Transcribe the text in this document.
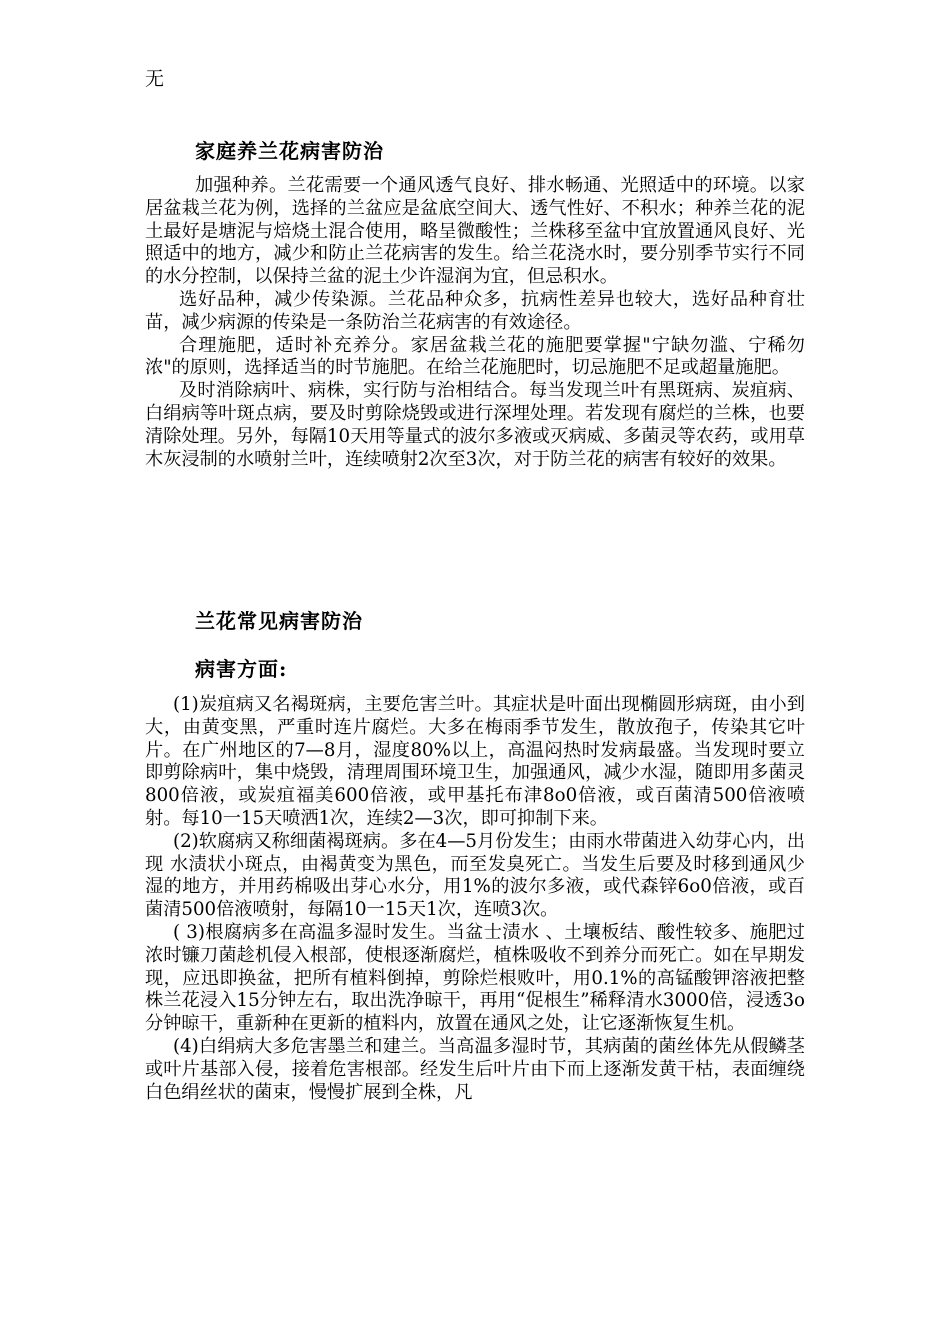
无
家庭养兰花病害防治

加强种养。兰花需要一个通风透气良好、排水畅通、光照适中的环境。以家居盆栽兰花为例，选择的兰盆应是盆底空间大、透气性好、不积水；种养兰花的泥土最好是塘泥与焙烧土混合使用，略呈微酸性；兰株移至盆中宜放置通风良好、光照适中的地方，减少和防止兰花病害的发生。给兰花浇水时，要分别季节实行不同的水分控制，以保持兰盆的泥土少许湿润为宜，但忌积水。

选好品种，减少传染源。兰花品种众多，抗病性差异也较大，选好品种育壮苗，减少病源的传染是一条防治兰花病害的有效途径。

合理施肥，适时补充养分。家居盆栽兰花的施肥要掌握"宁缺勿滥、宁稀勿浓"的原则，选择适当的时节施肥。在给兰花施肥时，切忌施肥不足或超量施肥。

及时消除病叶、病株，实行防与治相结合。每当发现兰叶有黑斑病、炭疽病、白绢病等叶斑点病，要及时剪除烧毁或进行深埋处理。若发现有腐烂的兰株，也要清除处理。另外，每隔10天用等量式的波尔多液或灭病威、多菌灵等农药，或用草木灰浸制的水喷射兰叶，连续喷射2次至3次，对于防兰花的病害有较好的效果。

兰花常见病害防治
病害方面:

(1)炭疽病又名褐斑病，主要危害兰叶。其症状是叶面出现椭圆形病斑，由小到大，由黄变黑，严重时连片腐烂。大多在梅雨季节发生，散放孢子，传染其它叶片。在广州地区的7—8月，湿度80%以上，高温闷热时发病最盛。当发现时要立即剪除病叶，集中烧毁，清理周围环境卫生，加强通风，减少水湿，随即用多菌灵800倍液，或炭疽福美600倍液，或甲基托布津8o0倍液，或百菌清500倍液喷射。每10一15天喷洒1次，连续2—3次，即可抑制下来。

(2)软腐病又称细菌褐斑病。多在4—5月份发生；由雨水带菌进入幼芽心内，出现 水渍状小斑点，由褐黄变为黑色，而至发臭死亡。当发生后要及时移到通风少湿的地方，并用药棉吸出芽心水分，用1%的波尔多液，或代森锌6o0倍液，或百菌清500倍液喷射，每隔10一15天1次，连喷3次。

( 3)根腐病多在高温多湿时发生。当盆士渍水 、土壤板结、酸性较多、施肥过浓时镰刀菌趁机侵入根部，使根逐渐腐烂，植株吸收不到养分而死亡。如在早期发现，应迅即换盆，把所有植料倒掉，剪除烂根败叶，用0.1%的高锰酸钾溶液把整株兰花浸入15分钟左右，取出洗净晾干，再用“促根生”稀释清水3000倍，浸透3o分钟晾干，重新种在更新的植料内，放置在通风之处，让它逐渐恢复生机。

(4)白绢病大多危害墨兰和建兰。当高温多湿时节，其病菌的菌丝体先从假鳞茎或叶片基部入侵，接着危害根部。经发生后叶片由下而上逐渐发黄干枯，表面缠绕白色绢丝状的菌束，慢慢扩展到全株，凡
